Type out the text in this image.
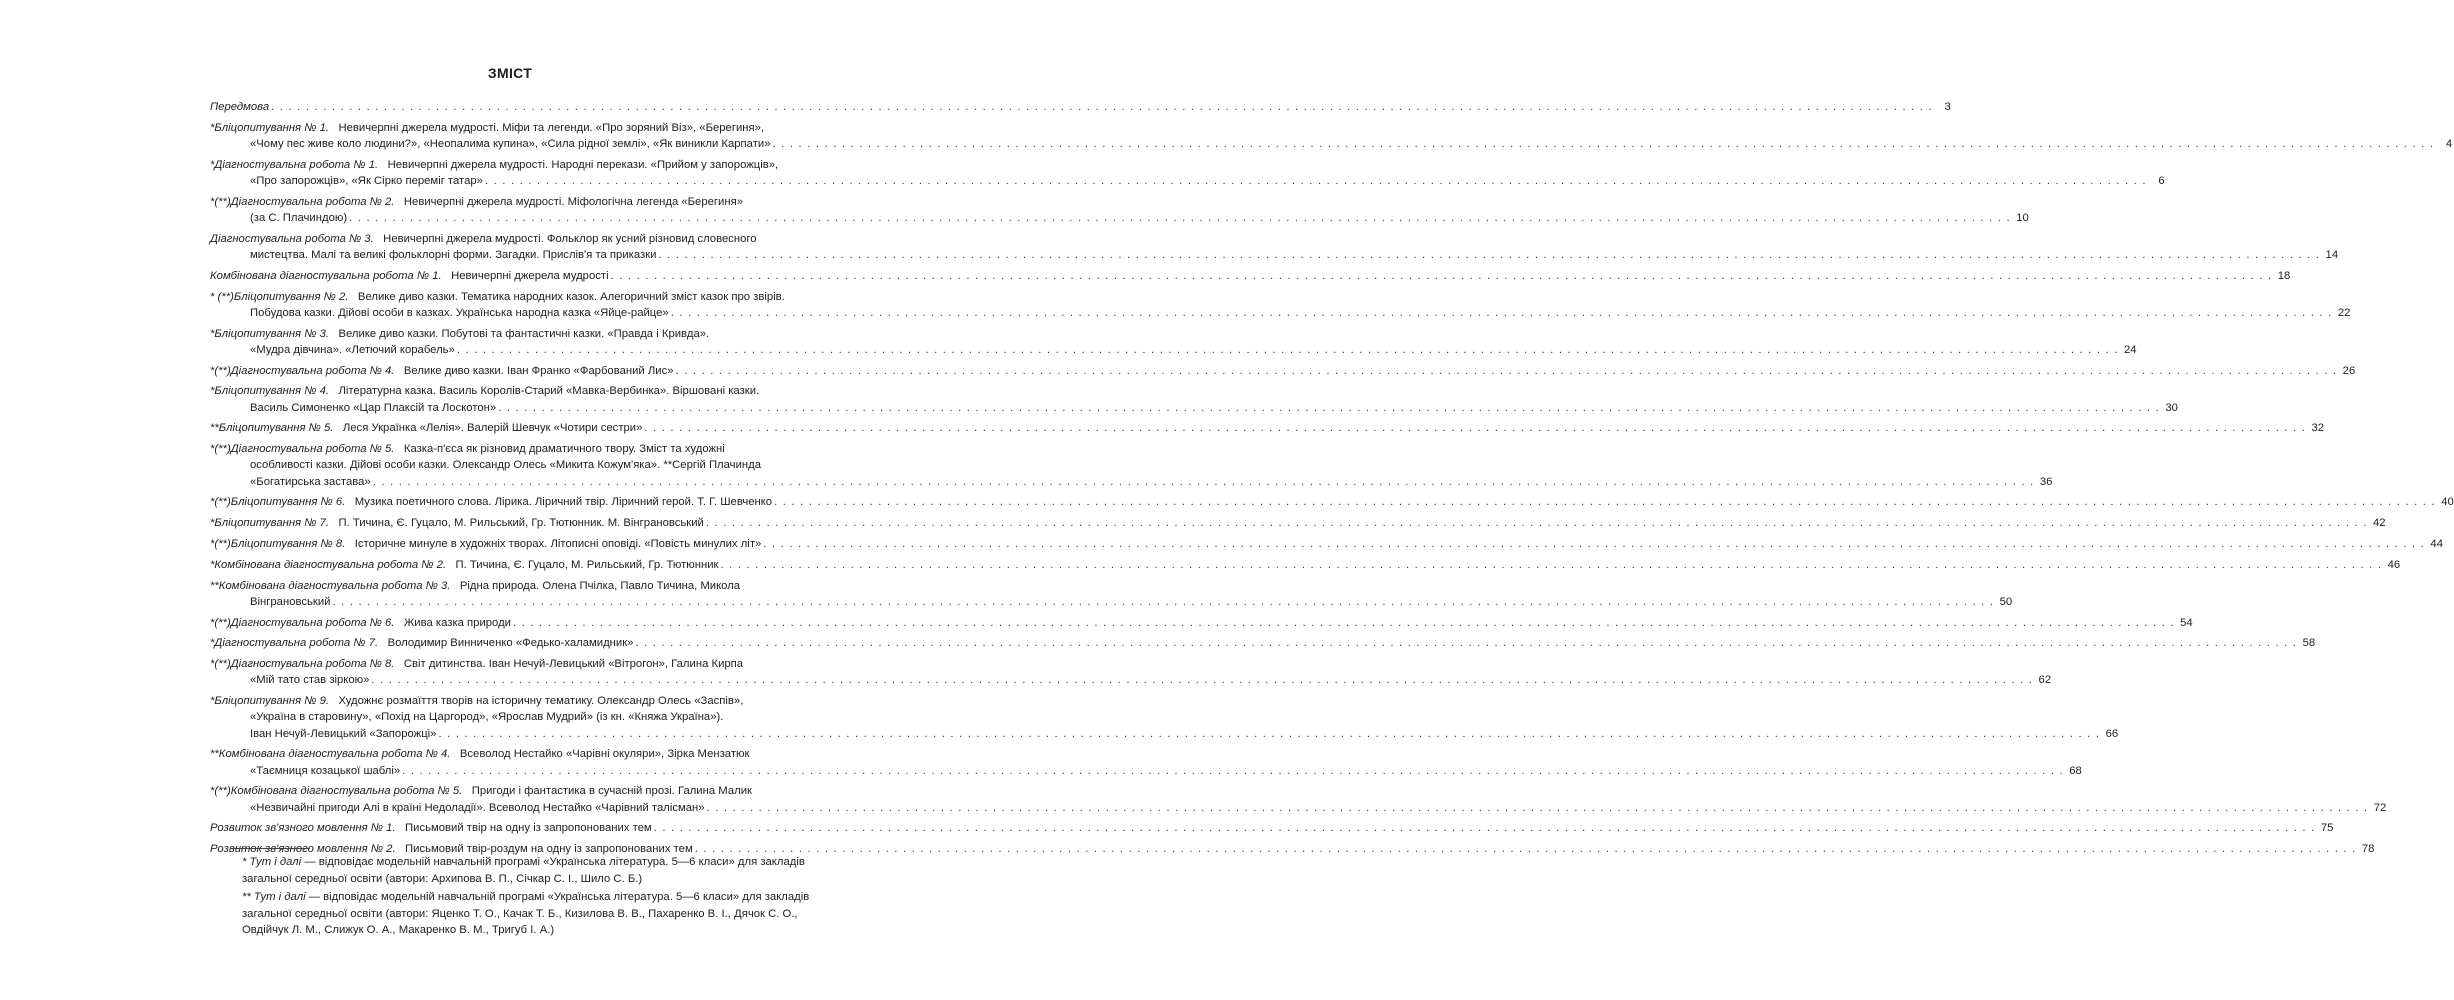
ЗМІСТ
Передмова . . .	3
*Бліцопитування № 1. Невичерпні джерела мудрості. Міфи та легенди. «Про зоряний Віз», «Берегиня»,
«Чому пес живе коло людини?», «Неопалима купина», «Сила рідної землі», «Як виникли Карпати» . . .	4
*Діагностувальна робота № 1. Невичерпні джерела мудрості. Народні перекази. «Прийом у запорожців»,
«Про запорожців», «Як Сірко переміг татар» . . .	6
*(**)Діагностувальна робота № 2. Невичерпні джерела мудрості. Міфологічна легенда «Берегиня»
(за С. Плачиндою) . . .	10
Діагностувальна робота № 3. Невичерпні джерела мудрості. Фольклор як усний різновид словесного
мистецтва. Малі та великі фольклорні форми. Загадки. Прислів'я та приказки . . .	14
Комбінована діагностувальна робота № 1. Невичерпні джерела мудрості . . .	18
* (**)Бліцопитування № 2. Велике диво казки. Тематика народних казок. Алегоричний зміст казок про звірів.
Побудова казки. Дійові особи в казках. Українська народна казка «Яйце-райце» . . .	22
*Бліцопитування № 3. Велике диво казки. Побутові та фантастичні казки. «Правда і Кривда».
«Мудра дівчина». «Летючий корабель» . . .	24
*(**)Діагностувальна робота № 4. Велике диво казки. Іван Франко «Фарбований Лис» . . .	26
*Бліцопитування № 4. Літературна казка. Василь Королів-Старий «Мавка-Вербинка». Віршовані казки.
Василь Симоненко «Цар Плаксій та Лоскотон» . . .	30
**Бліцопитування № 5. Леся Українка «Лелія». Валерій Шевчук «Чотири сестри» . . .	32
*(**)Діагностувальна робота № 5. Казка-п'єса як різновид драматичного твору. Зміст та художні
особливості казки. Дійові особи казки. Олександр Олесь «Микита Кожум'яка». **Сергій Плачинда
«Богатирська застава» . . .	36
*(**)Бліцопитування № 6. Музика поетичного слова. Лірика. Ліричний твір. Ліричний герой. Т. Г. Шевченко . . .	40
*Бліцопитування № 7. П. Тичина, Є. Гуцало, М. Рильський, Гр. Тютюнник. М. Вінграновський . . .	42
*(**)Бліцопитування № 8. Історичне минуле в художніх творах. Літописні оповіді. «Повість минулих літ» . . .	44
*Комбінована діагностувальна робота № 2. П. Тичина, Є. Гуцало, М. Рильський, Гр. Тютюнник . . .	46
**Комбінована діагностувальна робота № 3. Рідна природа. Олена Пчілка, Павло Тичина, Микола
Вінграновський . . .	50
*(**)Діагностувальна робота № 6. Жива казка природи . . .	54
*Діагностувальна робота № 7. Володимир Винниченко «Федько-халамидник» . . .	58
*(**)Діагностувальна робота № 8. Світ дитинства. Іван Нечуй-Левицький «Вітрогон», Галина Кирпа
«Мій тато став зіркою» . . .	62
*Бліцопитування № 9. Художнє розмаїття творів на історичну тематику. Олександр Олесь «Заспів»,
«Україна в старовину», «Похід на Царгород», «Ярослав Мудрий» (із кн. «Княжа Україна»).
Іван Нечуй-Левицький «Запорожці» . . .	66
**Комбінована діагностувальна робота № 4. Всеволод Нестайко «Чарівні окуляри», Зірка Мензатюк
«Таємниця козацької шаблі» . . .	68
*(**)Комбінована діагностувальна робота № 5. Пригоди і фантастика в сучасній прозі. Галина Малик
«Незвичайні пригоди Алі в країні Недоладії». Всеволод Нестайко «Чарівний талісман» . . .	72
Розвиток зв'язного мовлення № 1. Письмовий твір на одну із запропонованих тем . . .	75
Розвиток зв'язного мовлення № 2. Письмовий твір-роздум на одну із запропонованих тем . . .	78
* Тут і далі — відповідає модельній навчальній програмі «Українська література. 5—6 класи» для закладів загальної середньої освіти (автори: Архипова В. П., Січкар С. І., Шило С. Б.)
** Тут і далі — відповідає модельній навчальній програмі «Українська література. 5—6 класи» для закладів загальної середньої освіти (автори: Яценко Т. О., Качак Т. Б., Кизилова В. В., Пахаренко В. І., Дячок С. О., Овдійчук Л. М., Слижук О. А., Макаренко В. М., Тригуб І. А.)
